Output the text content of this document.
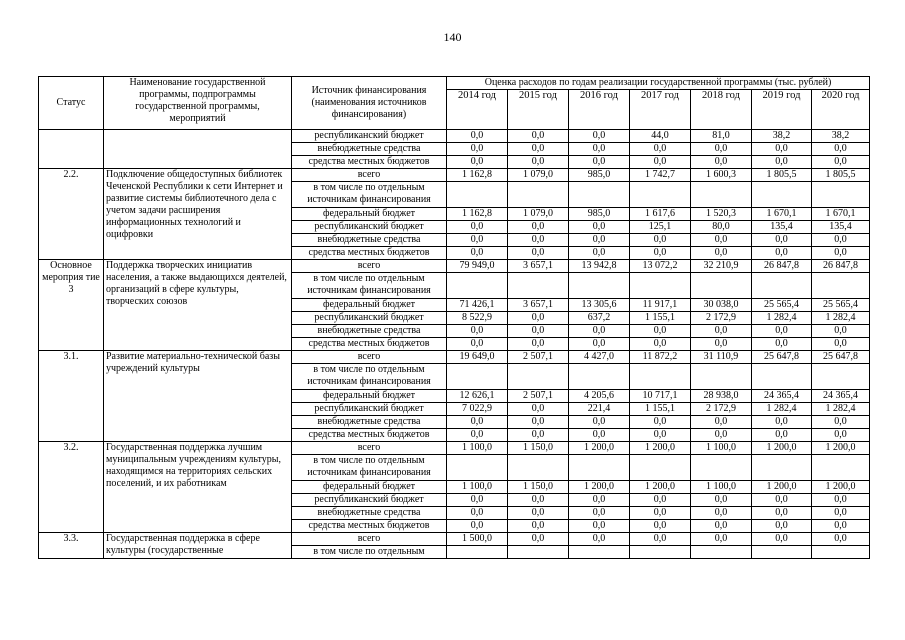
140
Статус	Наименование государственной программы, подпрограммы государственной программы, мероприятий	Источник финансирования (наименования источников финансирования)	Оценка расходов по годам реализации государственной программы (тыс. рублей)						
			2014 год	2015 год	2016 год	2017 год	2018 год	2019 год	2020 год
		республиканский бюджет	0,0	0,0	0,0	44,0	81,0	38,2	38,2
		внебюджетные средства	0,0	0,0	0,0	0,0	0,0	0,0	0,0
		средства местных бюджетов	0,0	0,0	0,0	0,0	0,0	0,0	0,0
2.2.	Подключение общедоступных библиотек Чеченской Республики к сети Интернет и развитие системы библиотечного дела с учетом задачи расширения информационных технологий и оцифровки	всего	1 162,8	1 079,0	985,0	1 742,7	1 600,3	1 805,5	1 805,5
		в том числе по отдельным источникам финансирования							
		федеральный бюджет	1 162,8	1 079,0	985,0	1 617,6	1 520,3	1 670,1	1 670,1
		республиканский бюджет	0,0	0,0	0,0	125,1	80,0	135,4	135,4
		внебюджетные средства	0,0	0,0	0,0	0,0	0,0	0,0	0,0
		средства местных бюджетов	0,0	0,0	0,0	0,0	0,0	0,0	0,0
Основное мероприя тие 3	Поддержка творческих инициатив населения, а также выдающихся деятелей, организаций в сфере культуры, творческих союзов	всего	79 949,0	3 657,1	13 942,8	13 072,2	32 210,9	26 847,8	26 847,8
		в том числе по отдельным источникам финансирования							
		федеральный бюджет	71 426,1	3 657,1	13 305,6	11 917,1	30 038,0	25 565,4	25 565,4
		республиканский бюджет	8 522,9	0,0	637,2	1 155,1	2 172,9	1 282,4	1 282,4
		внебюджетные средства	0,0	0,0	0,0	0,0	0,0	0,0	0,0
		средства местных бюджетов	0,0	0,0	0,0	0,0	0,0	0,0	0,0
3.1.	Развитие материально-технической базы учреждений культуры	всего	19 649,0	2 507,1	4 427,0	11 872,2	31 110,9	25 647,8	25 647,8
		в том числе по отдельным источникам финансирования							
		федеральный бюджет	12 626,1	2 507,1	4 205,6	10 717,1	28 938,0	24 365,4	24 365,4
		республиканский бюджет	7 022,9	0,0	221,4	1 155,1	2 172,9	1 282,4	1 282,4
		внебюджетные средства	0,0	0,0	0,0	0,0	0,0	0,0	0,0
		средства местных бюджетов	0,0	0,0	0,0	0,0	0,0	0,0	0,0
3.2.	Государственная поддержка лучшим муниципальным учреждениям культуры, находящимся на территориях сельских поселений, и их работникам	всего	1 100,0	1 150,0	1 200,0	1 200,0	1 100,0	1 200,0	1 200,0
		в том числе по отдельным источникам финансирования							
		федеральный бюджет	1 100,0	1 150,0	1 200,0	1 200,0	1 100,0	1 200,0	1 200,0
		республиканский бюджет	0,0	0,0	0,0	0,0	0,0	0,0	0,0
		внебюджетные средства	0,0	0,0	0,0	0,0	0,0	0,0	0,0
		средства местных бюджетов	0,0	0,0	0,0	0,0	0,0	0,0	0,0
3.3.	Государственная поддержка в сфере культуры (государственные	всего	1 500,0	0,0	0,0	0,0	0,0	0,0	0,0
		в том числе по отдельным							
